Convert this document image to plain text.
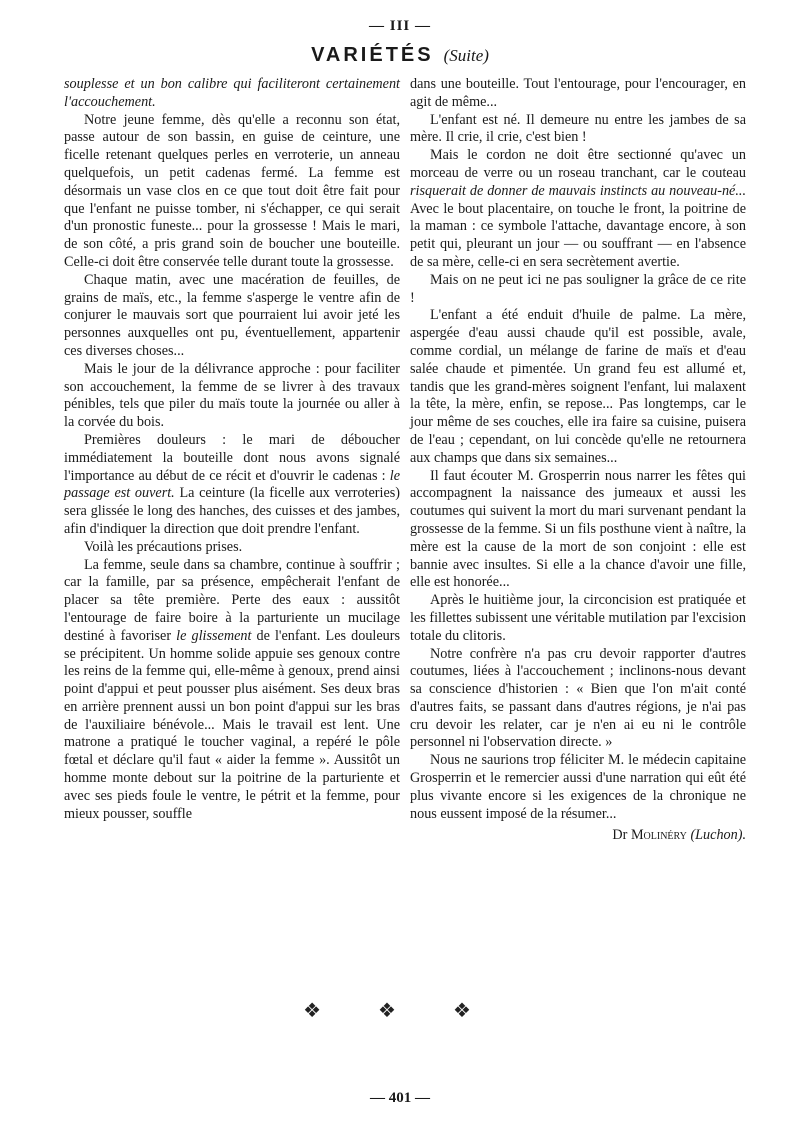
— III —
VARIÉTÉS (Suite)

souplesse et un bon calibre qui faciliteront certainement l'accouchement.

Notre jeune femme, dès qu'elle a reconnu son état, passe autour de son bassin, en guise de ceinture, une ficelle retenant quelques perles en verroterie, un anneau quelquefois, un petit cadenas fermé. La femme est désormais un vase clos en ce que tout doit être fait pour que l'enfant ne puisse tomber, ni s'échapper, ce qui serait d'un pronostic funeste... pour la grossesse ! Mais le mari, de son côté, a pris grand soin de boucher une bouteille. Celle-ci doit être conservée telle durant toute la grossesse.

Chaque matin, avec une macération de feuilles, de grains de maïs, etc., la femme s'asperge le ventre afin de conjurer le mauvais sort que pourraient lui avoir jeté les personnes auxquelles ont pu, éventuellement, appartenir ces diverses choses...

Mais le jour de la délivrance approche : pour faciliter son accouchement, la femme de se livrer à des travaux pénibles, tels que piler du maïs toute la journée ou aller à la corvée du bois.

Premières douleurs : le mari de déboucher immédiatement la bouteille dont nous avons signalé l'importance au début de ce récit et d'ouvrir le cadenas : le passage est ouvert. La ceinture (la ficelle aux verroteries) sera glissée le long des hanches, des cuisses et des jambes, afin d'indiquer la direction que doit prendre l'enfant.

Voilà les précautions prises.

La femme, seule dans sa chambre, continue à souffrir ; car la famille, par sa présence, empêcherait l'enfant de placer sa tête première. Perte des eaux : aussitôt l'entourage de faire boire à la parturiente un mucilage destiné à favoriser le glissement de l'enfant. Les douleurs se précipitent. Un homme solide appuie ses genoux contre les reins de la femme qui, elle-même à genoux, prend ainsi point d'appui et peut pousser plus aisément. Ses deux bras en arrière prennent aussi un bon point d'appui sur les bras de l'auxiliaire bénévole... Mais le travail est lent. Une matrone a pratiqué le toucher vaginal, a repéré le pôle fœtal et déclare qu'il faut « aider la femme ». Aussitôt un homme monte debout sur la poitrine de la parturiente et avec ses pieds foule le ventre, le pétrit et la femme, pour mieux pousser, souffle

dans une bouteille. Tout l'entourage, pour l'encourager, en agit de même...

L'enfant est né. Il demeure nu entre les jambes de sa mère. Il crie, il crie, c'est bien !

Mais le cordon ne doit être sectionné qu'avec un morceau de verre ou un roseau tranchant, car le couteau risquerait de donner de mauvais instincts au nouveau-né... Avec le bout placentaire, on touche le front, la poitrine de la maman : ce symbole l'attache, davantage encore, à son petit qui, pleurant un jour — ou souffrant — en l'absence de sa mère, celle-ci en sera secrètement avertie.

Mais on ne peut ici ne pas souligner la grâce de ce rite !

L'enfant a été enduit d'huile de palme. La mère, aspergée d'eau aussi chaude qu'il est possible, avale, comme cordial, un mélange de farine de maïs et d'eau salée chaude et pimentée. Un grand feu est allumé et, tandis que les grand-mères soignent l'enfant, lui malaxent la tête, la mère, enfin, se repose... Pas longtemps, car le jour même de ses couches, elle ira faire sa cuisine, puisera de l'eau ; cependant, on lui concède qu'elle ne retournera aux champs que dans six semaines...

Il faut écouter M. Grosperrin nous narrer les fêtes qui accompagnent la naissance des jumeaux et aussi les coutumes qui suivent la mort du mari survenant pendant la grossesse de la femme. Si un fils posthune vient à naître, la mère est la cause de la mort de son conjoint : elle est bannie avec insultes. Si elle a la chance d'avoir une fille, elle est honorée...

Après le huitième jour, la circoncision est pratiquée et les fillettes subissent une véritable mutilation par l'excision totale du clitoris.

Notre confrère n'a pas cru devoir rapporter d'autres coutumes, liées à l'accouchement ; inclinons-nous devant sa conscience d'historien : « Bien que l'on m'ait conté d'autres faits, se passant dans d'autres régions, je n'ai pas cru devoir les relater, car je n'en ai eu ni le contrôle personnel ni l'observation directe. »

Nous ne saurions trop féliciter M. le médecin capitaine Grosperrin et le remercier aussi d'une narration qui eût été plus vivante encore si les exigences de la chronique ne nous eussent imposé de la résumer...

Dr Molinéry (Luchon).

❖ ❖ ❖
— 401 —
